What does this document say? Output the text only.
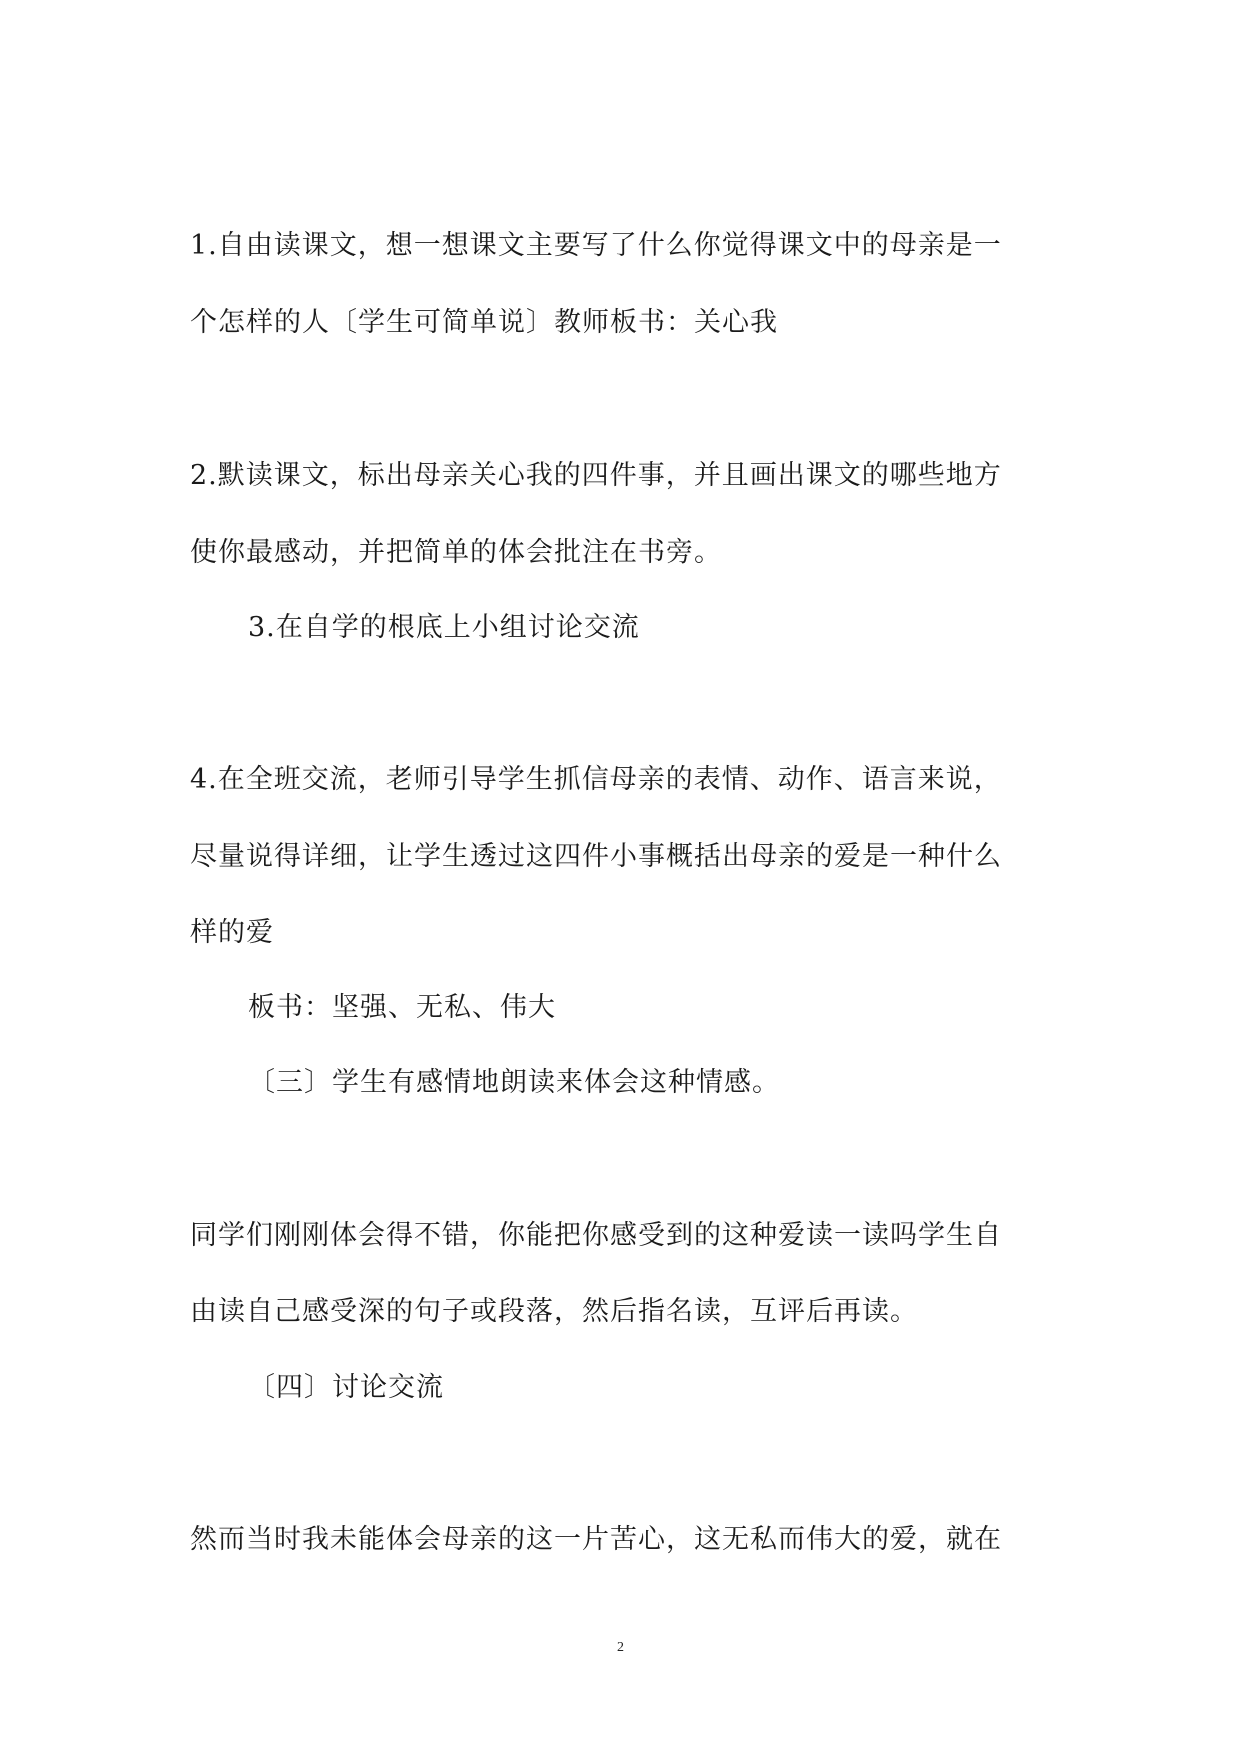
1.自由读课文，想一想课文主要写了什么你觉得课文中的母亲是一
个怎样的人〔学生可简单说〕教师板书：关心我
2.默读课文，标出母亲关心我的四件事，并且画出课文的哪些地方
使你最感动，并把简单的体会批注在书旁。
3.在自学的根底上小组讨论交流
4.在全班交流，老师引导学生抓信母亲的表情、动作、语言来说，
尽量说得详细，让学生透过这四件小事概括出母亲的爱是一种什么
样的爱
板书：坚强、无私、伟大
〔三〕学生有感情地朗读来体会这种情感。
同学们刚刚体会得不错，你能把你感受到的这种爱读一读吗学生自
由读自己感受深的句子或段落，然后指名读，互评后再读。
〔四〕讨论交流
然而当时我未能体会母亲的这一片苦心，这无私而伟大的爱，就在
2
